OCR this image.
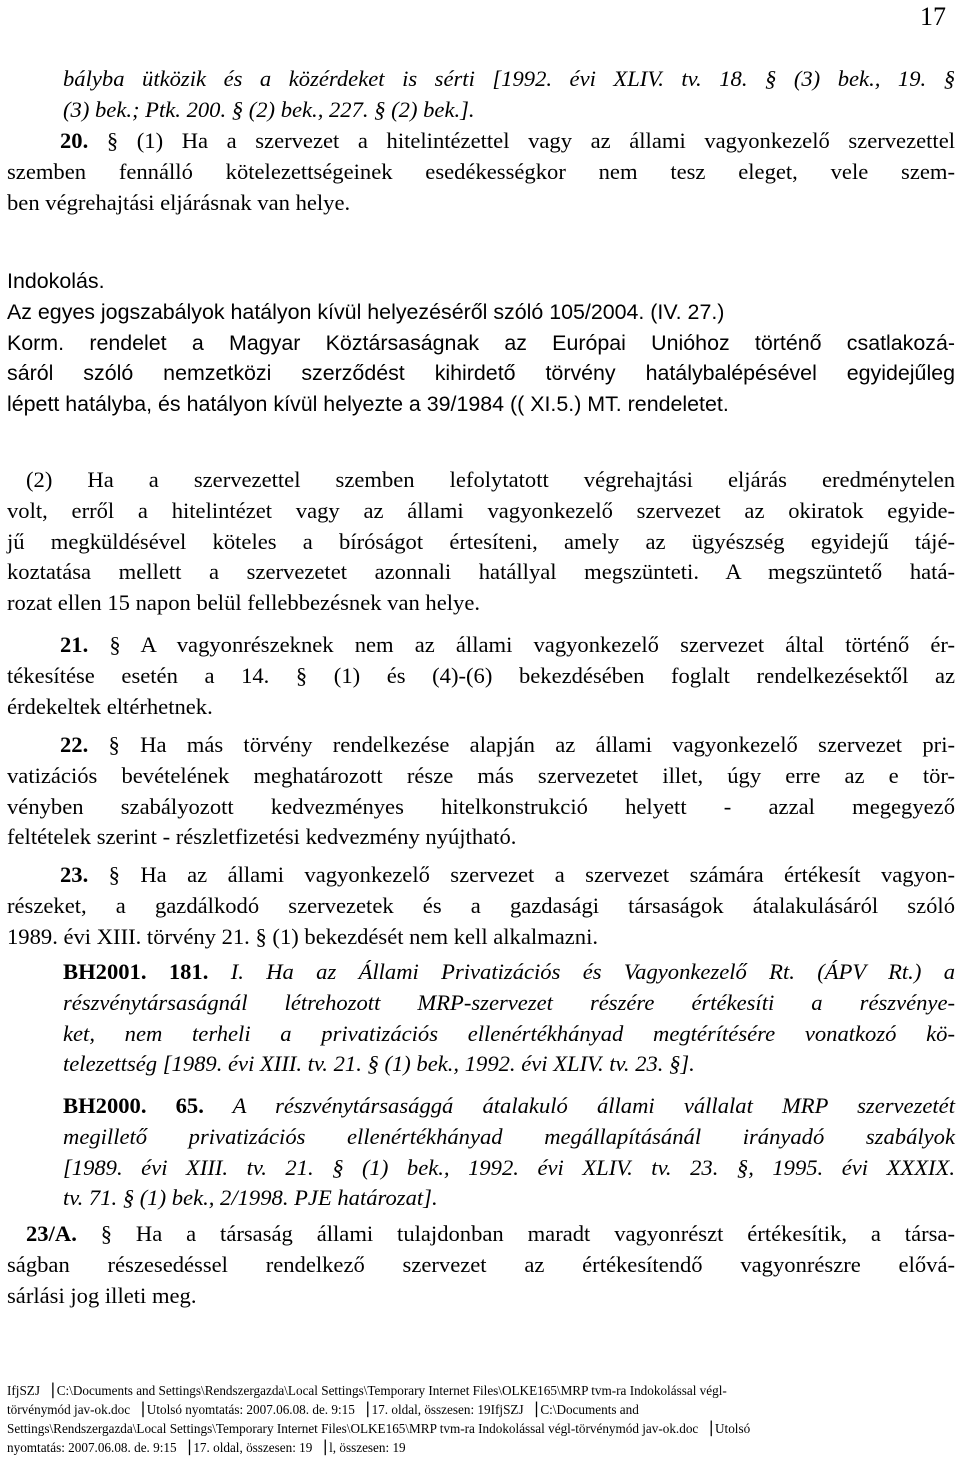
17
bályba ütközik és a közérdeket is sérti [1992. évi XLIV. tv. 18. § (3) bek., 19. §
(3) bek.; Ptk. 200. § (2) bek., 227. § (2) bek.].
20. § (1) Ha a szervezet a hitelintézettel vagy az állami vagyonkezelő szervezettel
szemben fennálló kötelezettségeinek esedékességkor nem tesz eleget, vele szem-
ben végrehajtási eljárásnak van helye.
Indokolás.
Az egyes jogszabályok hatályon kívül helyezéséről szóló 105/2004. (IV. 27.)
Korm. rendelet a Magyar Köztársaságnak az Európai Unióhoz történő csatlakozá-
sáról szóló nemzetközi szerződést kihirdető törvény hatálybalépésével egyidejűleg
lépett hatályba, és hatályon kívül helyezte a 39/1984 (( XI.5.) MT. rendeletet.
(2) Ha a szervezettel szemben lefolytatott végrehajtási eljárás eredménytelen
volt, erről a hitelintézet vagy az állami vagyonkezelő szervezet az okiratok egyide-
jű megküldésével köteles a bíróságot értesíteni, amely az ügyészség egyidejű tájé-
koztatása mellett a szervezetet azonnali hatállyal megszünteti. A megszüntető hatá-
rozat ellen 15 napon belül fellebbezésnek van helye.
21. § A vagyonrészeknek nem az állami vagyonkezelő szervezet által történő ér-
tékesítése esetén a 14. § (1) és (4)-(6) bekezdésében foglalt rendelkezésektől az
érdekeltek eltérhetnek.
22. § Ha más törvény rendelkezése alapján az állami vagyonkezelő szervezet pri-
vatizációs bevételének meghatározott része más szervezetet illet, úgy erre az e tör-
vényben szabályozott kedvezményes hitelkonstrukció helyett - azzal megegyező
feltételek szerint - részletfizetési kedvezmény nyújtható.
23. § Ha az állami vagyonkezelő szervezet a szervezet számára értékesít vagyon-
részeket, a gazdálkodó szervezetek és a gazdasági társaságok átalakulásáról szóló
1989. évi XIII. törvény 21. § (1) bekezdését nem kell alkalmazni.
BH2001. 181. I. Ha az Állami Privatizációs és Vagyonkezelő Rt. (ÁPV Rt.) a
részvénytársaságnál létrehozott MRP-szervezet részére értékesíti a részvénye-
ket, nem terheli a privatizációs ellenértékhányad megtérítésére vonatkozó kö-
telezettség [1989. évi XIII. tv. 21. § (1) bek., 1992. évi XLIV. tv. 23. §].
BH2000. 65. A részvénytársasággá átalakuló állami vállalat MRP szervezetét
megillető privatizációs ellenértékhányad megállapításánál irányadó szabályok
[1989. évi XIII. tv. 21. § (1) bek., 1992. évi XLIV. tv. 23. §, 1995. évi XXXIX.
tv. 71. § (1) bek., 2/1998. PJE határozat].
23/A. § Ha a társaság állami tulajdonban maradt vagyonrészt értékesítik, a társa-
ságban részesedéssel rendelkező szervezet az értékesítendő vagyonrészre elővá-
sárlási jog illeti meg.
IfjSZJ ▕ C:\Documents and Settings\Rendszergazda\Local Settings\Temporary Internet Files\OLKE165\MRP tvm-ra Indokolással végl-
törvénymód jav-ok.doc ▕ Utolsó nyomtatás: 2007.06.08. de. 9:15 ▕ 17. oldal, összesen: 19IfjSZJ ▕ C:\Documents and
Settings\Rendszergazda\Local Settings\Temporary Internet Files\OLKE165\MRP tvm-ra Indokolással végl-törvénymód jav-ok.doc ▕ Utolsó
nyomtatás: 2007.06.08. de. 9:15 ▕ 17. oldal, összesen: 19 ▕ l, összesen: 19
